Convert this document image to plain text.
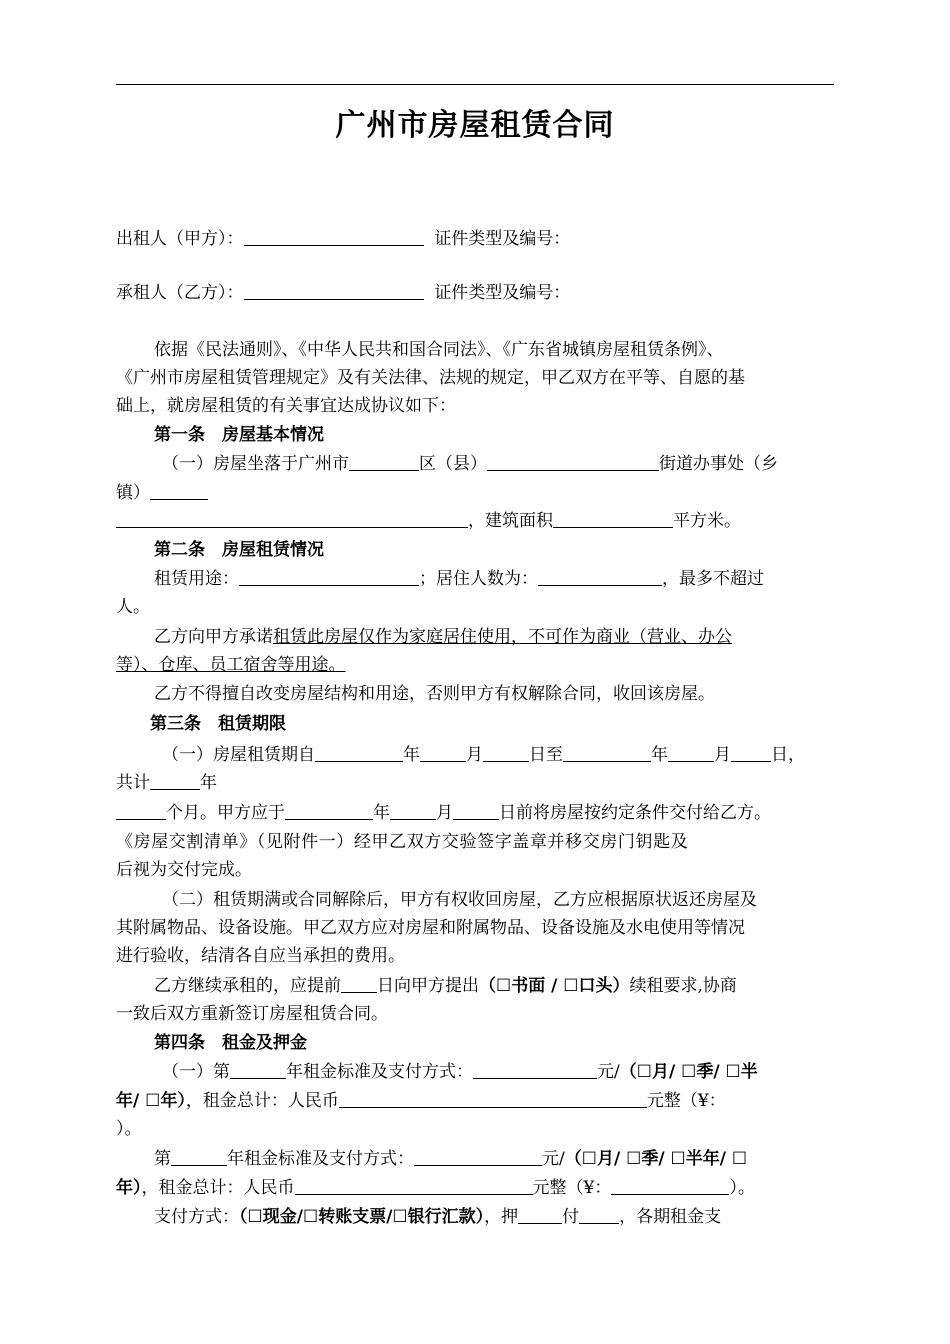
广州市房屋租赁合同
出租人（甲方）：	证件类型及编号：
承租人（乙方）：	证件类型及编号：
依据《民法通则》、《中华人民共和国合同法》、《广东省城镇房屋租赁条例》、
《广州市房屋租赁管理规定》及有关法律、法规的规定，甲乙双方在平等、自愿的基
础上，就房屋租赁的有关事宜达成协议如下：
第一条　房屋基本情况
（一）房屋坐落于广州市	区（县）	街道办事处（乡
镇）
，建筑面积	平方米。
第二条　房屋租赁情况
租赁用途：	；居住人数为：	，最多不超过
人。
乙方向甲方承诺租赁此房屋仅作为家庭居住使用，不可作为商业（营业、办公
等）、仓库、员工宿舍等用途。
乙方不得擅自改变房屋结构和用途，否则甲方有权解除合同，收回该房屋。
第三条　租赁期限
（一）房屋租赁期自	年	月	日至	年	月 日，
共计	年
个月。甲方应于	年	月	日前将房屋按约定条件交付给乙方。
《房屋交割清单》（见附件一）经甲乙双方交验签字盖章并移交房门钥匙及
后视为交付完成。
（二）租赁期满或合同解除后，甲方有权收回房屋，乙方应根据原状返还房屋及
其附属物品、设备设施。甲乙双方应对房屋和附属物品、设备设施及水电使用等情况
进行验收，结清各自应当承担的费用。
乙方继续承租的，应提前 日向甲方提出（☐书面 / ☐口头）续租要求,协商
一致后双方重新签订房屋租赁合同。
第四条　租金及押金
（一）第	年租金标准及支付方式：	元/（☐月/ ☐季/ ☐半
年/ ☐年），租金总计：人民币	元整（¥：
）。
第	年租金标准及支付方式：	元/（☐月/ ☐季/ ☐半年/ ☐
年），租金总计：人民币	元整（¥：	）。
支付方式：（☐现金/☐转账支票/☐银行汇款），押	付 ，各期租金支
